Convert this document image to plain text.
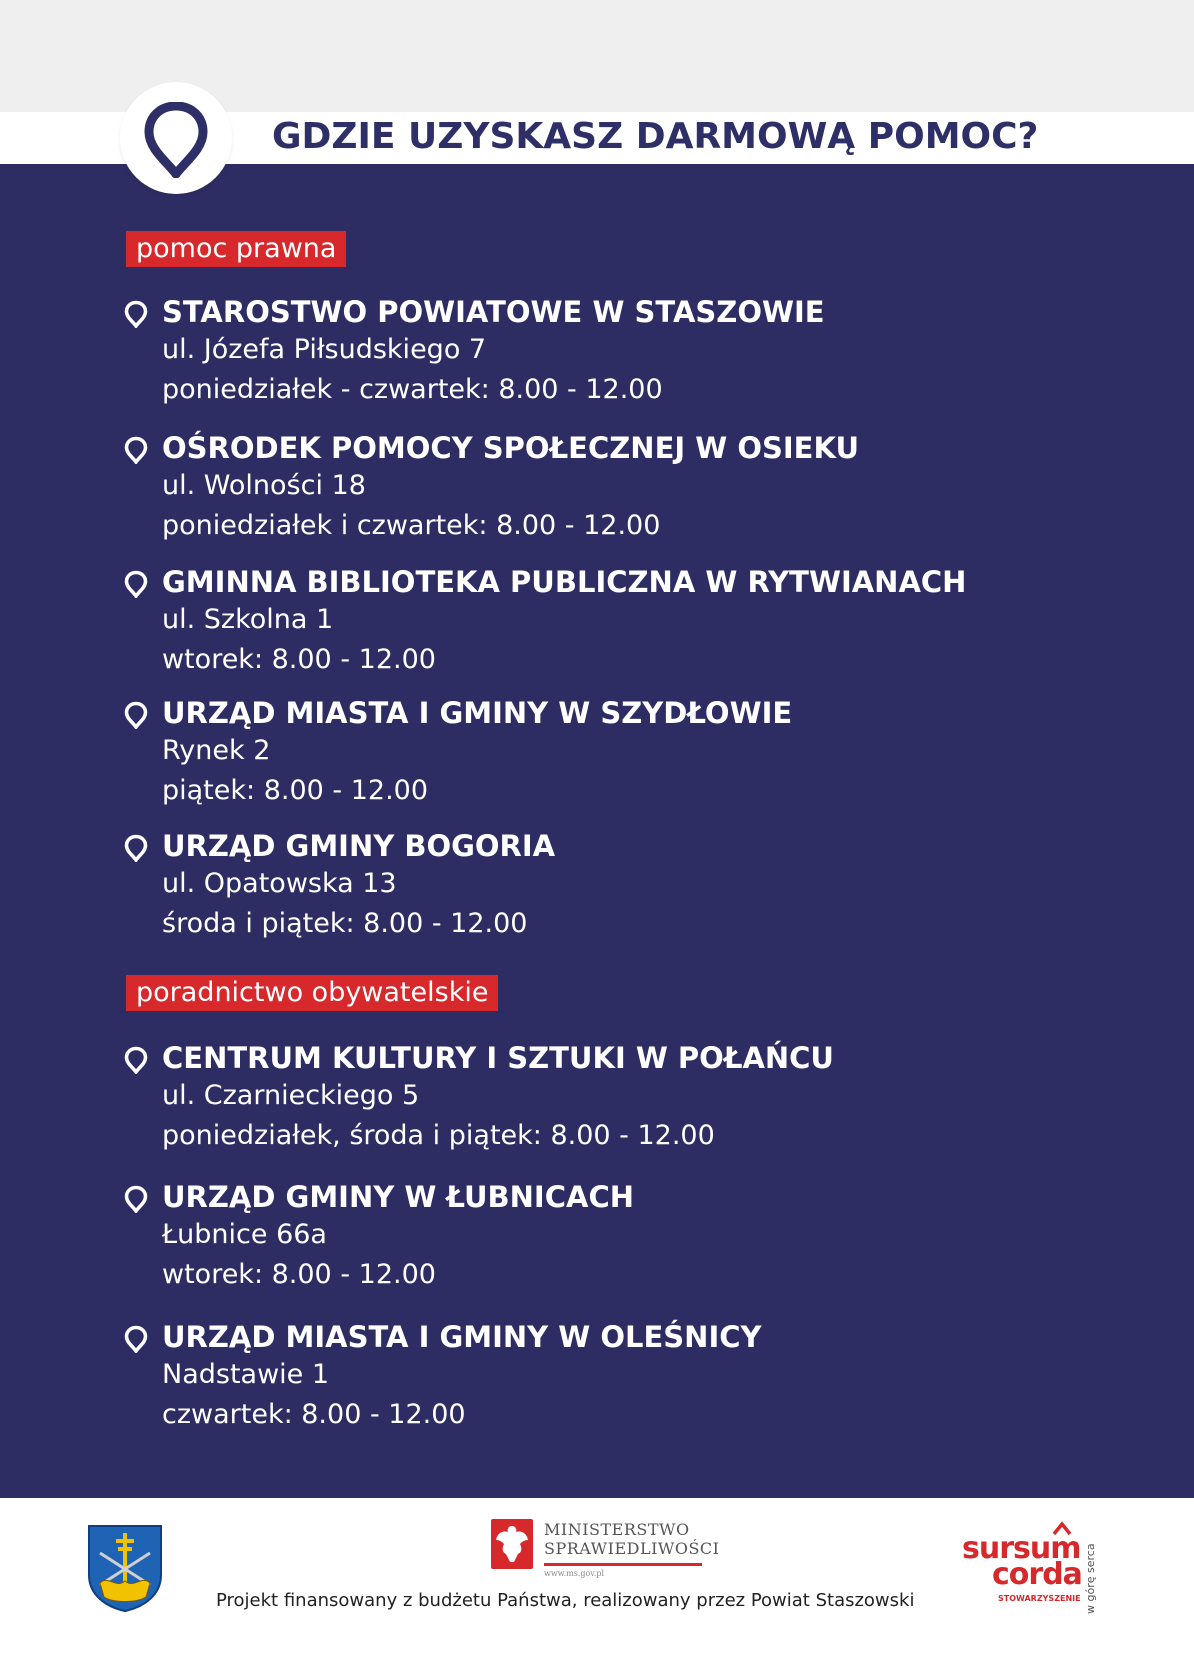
GDZIE UZYSKASZ DARMOWĄ POMOC?
pomoc prawna
STAROSTWO POWIATOWE W STASZOWIE
ul. Józefa Piłsudskiego 7
poniedziałek - czwartek: 8.00 - 12.00
OŚRODEK POMOCY SPOŁECZNEJ W OSIEKU
ul. Wolności 18
poniedziałek i czwartek: 8.00 - 12.00
GMINNA BIBLIOTEKA PUBLICZNA W RYTWIANACH
ul. Szkolna 1
wtorek: 8.00 - 12.00
URZĄD MIASTA I GMINY W SZYDŁOWIE
Rynek 2
piątek: 8.00 - 12.00
URZĄD GMINY BOGORIA
ul. Opatowska 13
środa i piątek: 8.00 - 12.00
poradnictwo obywatelskie
CENTRUM KULTURY I SZTUKI W POŁAŃCU
ul. Czarnieckiego 5
poniedziałek, środa i piątek: 8.00 - 12.00
URZĄD GMINY W ŁUBNICACH
Łubnice 66a
wtorek: 8.00 - 12.00
URZĄD MIASTA I GMINY W OLEŚNICY
Nadstawie 1
czwartek: 8.00 - 12.00
MINISTERSTWO
SPRAWIEDLIWOŚCI
www.ms.gov.pl
Projekt finansowany z budżetu Państwa, realizowany przez Powiat Staszowski
sursum
corda
STOWARZYSZENIE w górę serca
